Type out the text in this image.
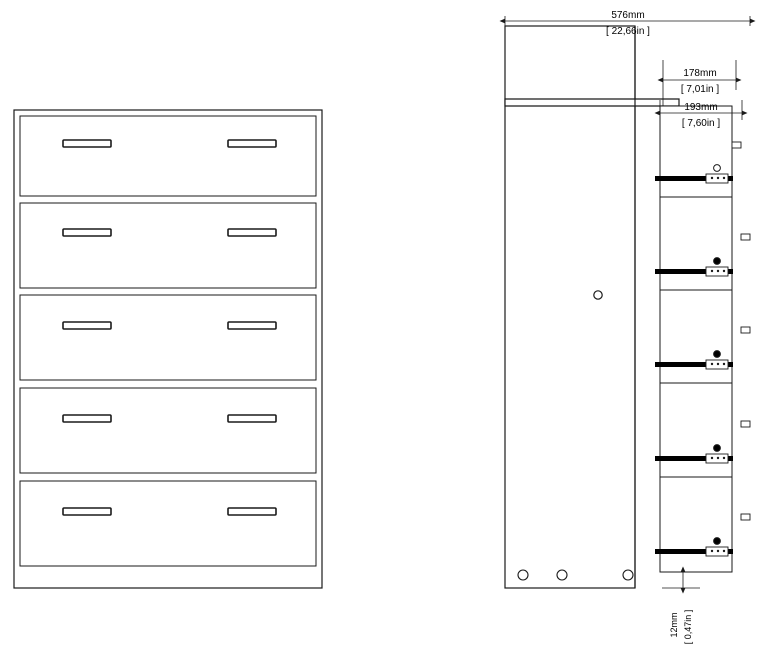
576mm
[ 22,66in ]
178mm
[ 7,01in ]
193mm
[ 7,60in ]
12mm [ 0,47in ]
